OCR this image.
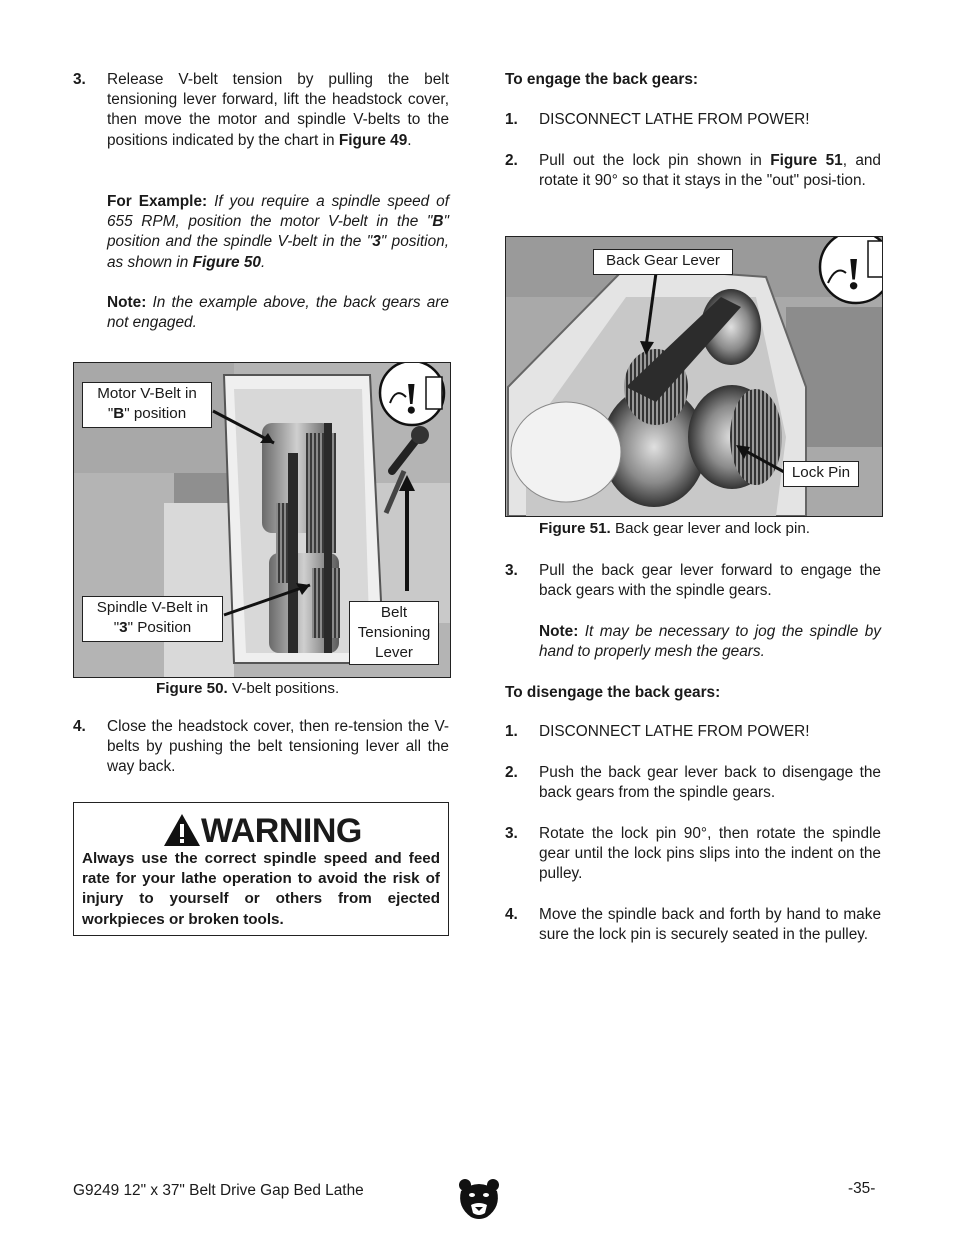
3. Release V-belt tension by pulling the belt tensioning lever forward, lift the headstock cover, then move the motor and spindle V-belts to the positions indicated by the chart in Figure 49.
For Example: If you require a spindle speed of 655 RPM, position the motor V-belt in the "B" position and the spindle V-belt in the "3" position, as shown in Figure 50.
Note: In the example above, the back gears are not engaged.
!
Motor V-Belt in
"B" position
Spindle V-Belt in
"3" Position
Belt
Tensioning
Lever
Figure 50. V-belt positions.
4. Close the headstock cover, then re-tension the V-belts by pushing the belt tensioning lever all the way back.
WARNING
Always use the correct spindle speed and feed rate for your lathe operation to avoid the risk of injury to yourself or others from ejected workpieces or broken tools.
To engage the back gears:
1. DISCONNECT LATHE FROM POWER!
2. Pull out the lock pin shown in Figure 51, and rotate it 90° so that it stays in the "out" posi-tion.
!
Back Gear Lever
Lock Pin
Figure 51. Back gear lever and lock pin.
3. Pull the back gear lever forward to engage the back gears with the spindle gears.
Note: It may be necessary to jog the spindle by hand to properly mesh the gears.
To disengage the back gears:
1. DISCONNECT LATHE FROM POWER!
2. Push the back gear lever back to disengage the back gears from the spindle gears.
3. Rotate the lock pin 90°, then rotate the spindle gear until the lock pins slips into the indent on the pulley.
4. Move the spindle back and forth by hand to make sure the lock pin is securely seated in the pulley.
G9249 12" x 37" Belt Drive Gap Bed Lathe	-35-
